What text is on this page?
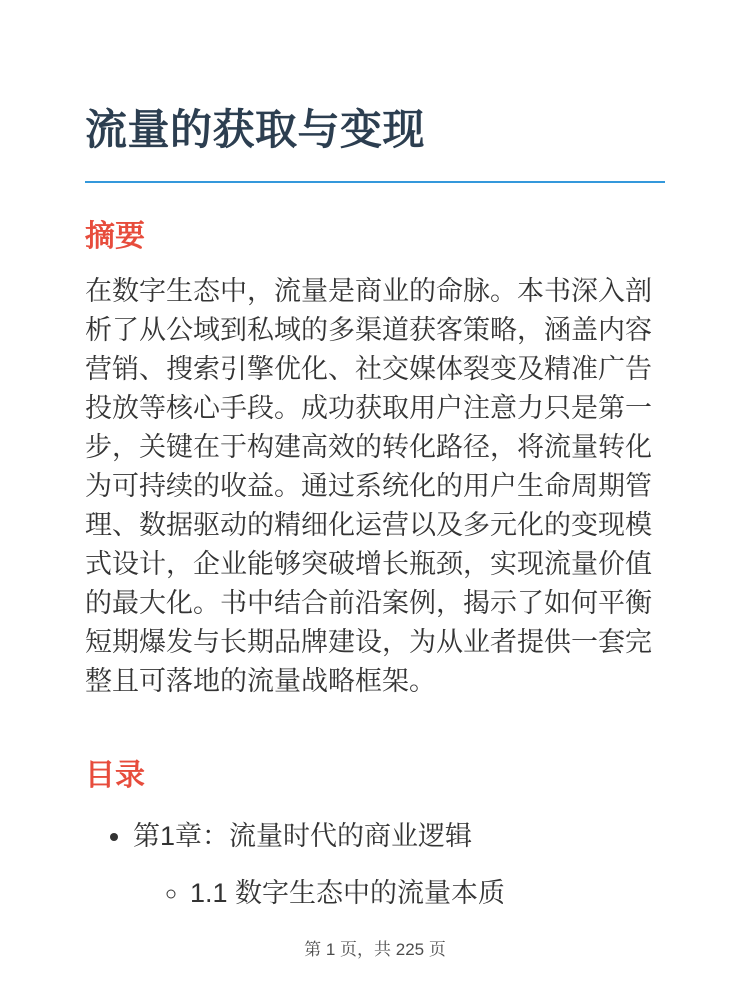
流量的获取与变现
摘要

在数字生态中，流量是商业的命脉。本书深入剖析了从公域到私域的多渠道获客策略，涵盖内容营销、搜索引擎优化、社交媒体裂变及精准广告投放等核心手段。成功获取用户注意力只是第一步，关键在于构建高效的转化路径，将流量转化为可持续的收益。通过系统化的用户生命周期管理、数据驱动的精细化运营以及多元化的变现模式设计，企业能够突破增长瓶颈，实现流量价值的最大化。书中结合前沿案例，揭示了如何平衡短期爆发与长期品牌建设，为从业者提供一套完整且可落地的流量战略框架。

目录
• 第1章：流量时代的商业逻辑
◦ 1.1 数字生态中的流量本质
第 1 页，共 225 页
